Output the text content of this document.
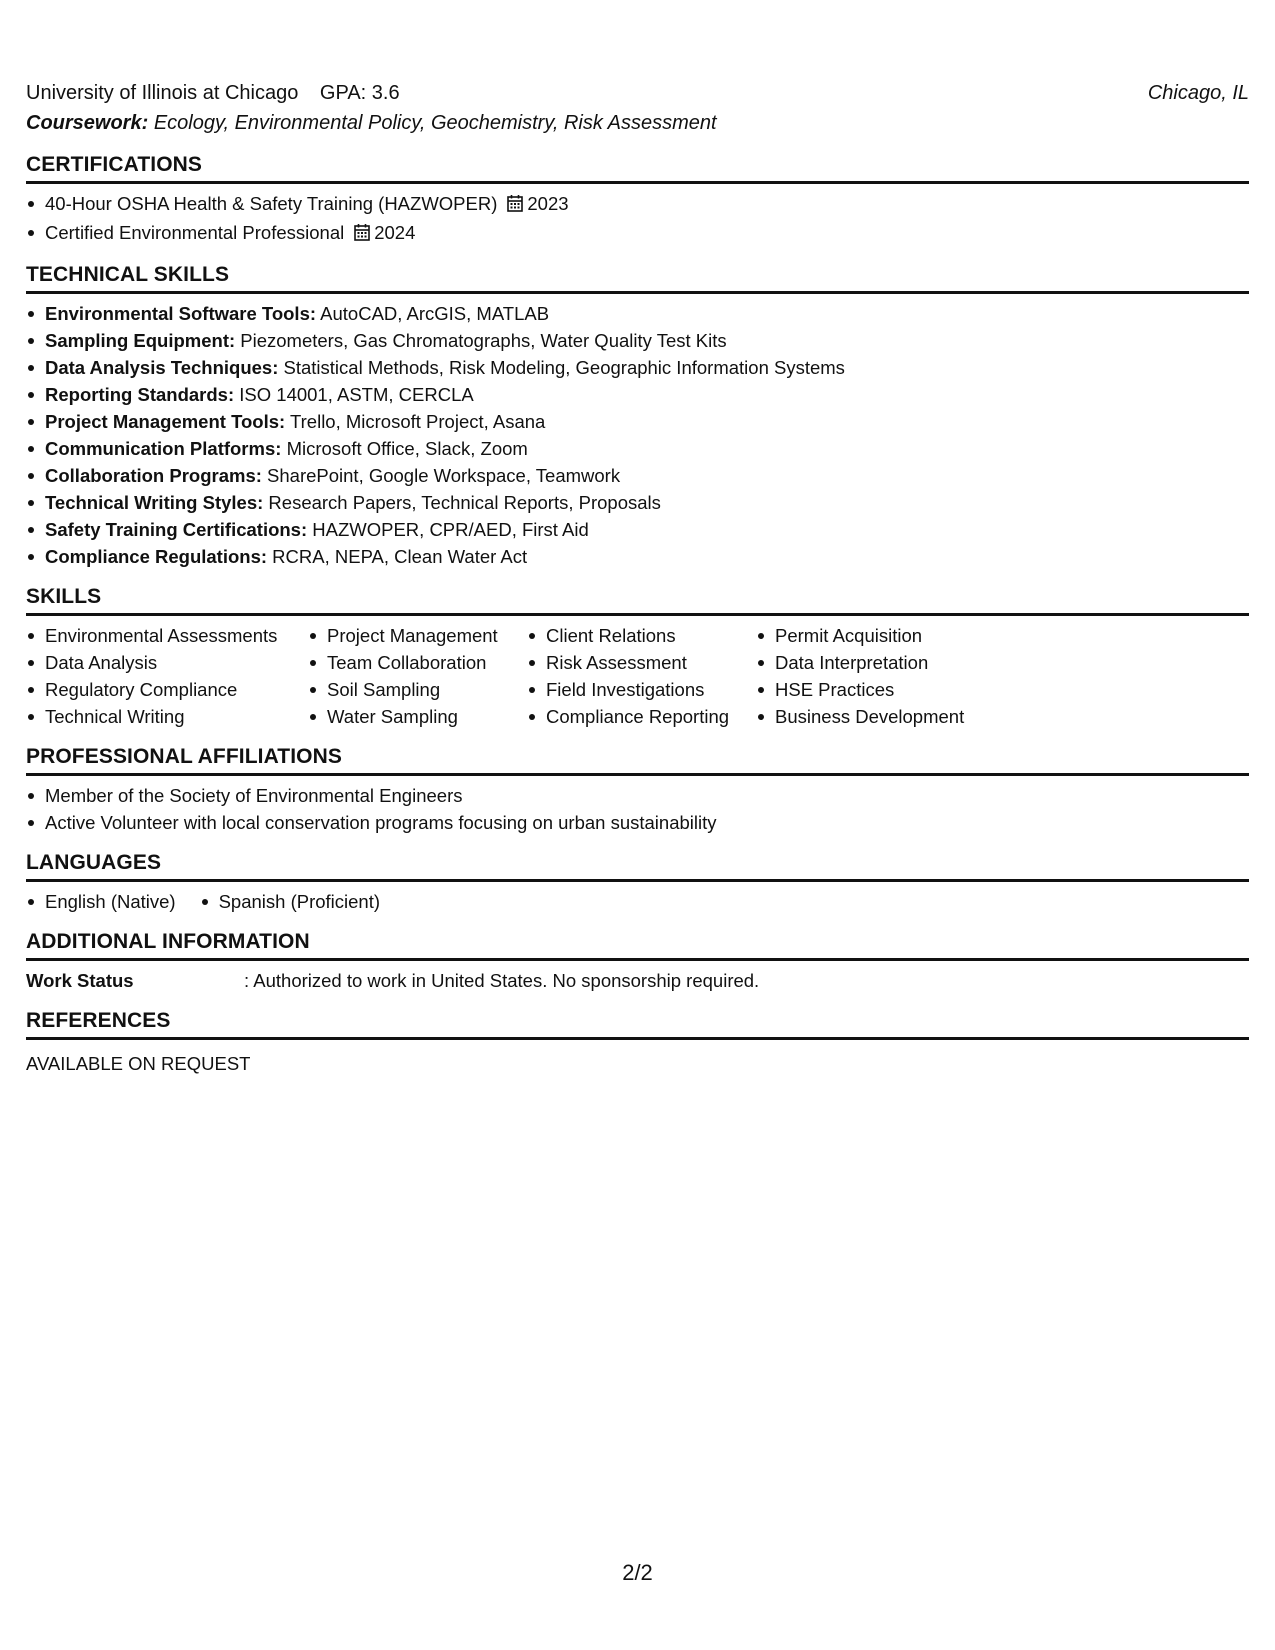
University of Illinois at Chicago GPA: 3.6	Chicago, IL
Coursework: Ecology, Environmental Policy, Geochemistry, Risk Assessment
CERTIFICATIONS
40-Hour OSHA Health & Safety Training (HAZWOPER) 2023
Certified Environmental Professional 2024
TECHNICAL SKILLS
Environmental Software Tools: AutoCAD, ArcGIS, MATLAB
Sampling Equipment: Piezometers, Gas Chromatographs, Water Quality Test Kits
Data Analysis Techniques: Statistical Methods, Risk Modeling, Geographic Information Systems
Reporting Standards: ISO 14001, ASTM, CERCLA
Project Management Tools: Trello, Microsoft Project, Asana
Communication Platforms: Microsoft Office, Slack, Zoom
Collaboration Programs: SharePoint, Google Workspace, Teamwork
Technical Writing Styles: Research Papers, Technical Reports, Proposals
Safety Training Certifications: HAZWOPER, CPR/AED, First Aid
Compliance Regulations: RCRA, NEPA, Clean Water Act
SKILLS
Environmental Assessments
Data Analysis
Regulatory Compliance
Technical Writing
Project Management
Team Collaboration
Soil Sampling
Water Sampling
Client Relations
Risk Assessment
Field Investigations
Compliance Reporting
Permit Acquisition
Data Interpretation
HSE Practices
Business Development
PROFESSIONAL AFFILIATIONS
Member of the Society of Environmental Engineers
Active Volunteer with local conservation programs focusing on urban sustainability
LANGUAGES
English (Native)	Spanish (Proficient)
ADDITIONAL INFORMATION
Work Status	: Authorized to work in United States. No sponsorship required.
REFERENCES
AVAILABLE ON REQUEST
2/2
